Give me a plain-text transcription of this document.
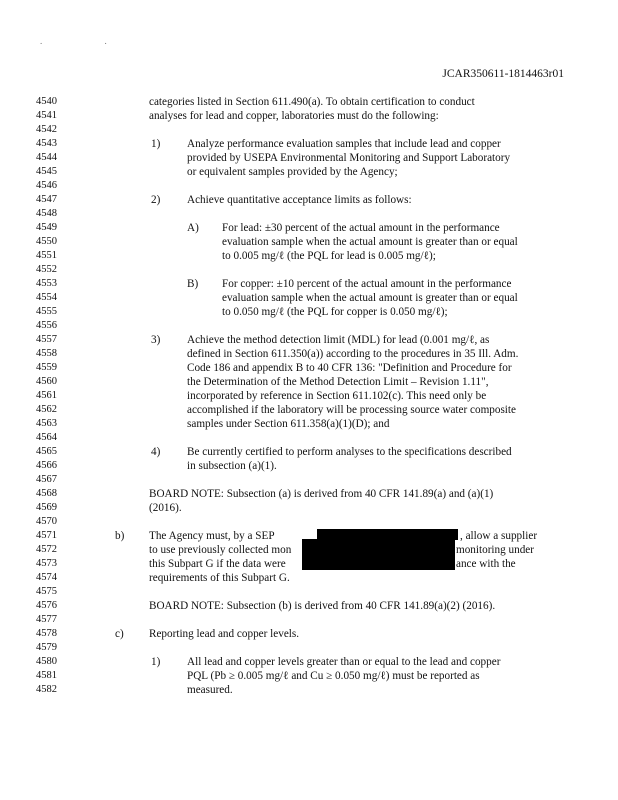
. .
JCAR350611-1814463r01
4540
4541
4542
4543
4544
4545
4546
4547
4548
4549
4550
4551
4552
4553
4554
4555
4556
4557
4558
4559
4560
4561
4562
4563
4564
4565
4566
4567
4568
4569
4570
4571
4572
4573
4574
4575
4576
4577
4578
4579
4580
4581
4582
categories listed in Section 611.490(a). To obtain certification to conduct
analyses for lead and copper, laboratories must do the following:
1) Analyze performance evaluation samples that include lead and copper
provided by USEPA Environmental Monitoring and Support Laboratory
or equivalent samples provided by the Agency;
2) Achieve quantitative acceptance limits as follows:
A) For lead: ±30 percent of the actual amount in the performance
evaluation sample when the actual amount is greater than or equal
to 0.005 mg/ℓ (the PQL for lead is 0.005 mg/ℓ);
B) For copper: ±10 percent of the actual amount in the performance
evaluation sample when the actual amount is greater than or equal
to 0.050 mg/ℓ (the PQL for copper is 0.050 mg/ℓ);
3) Achieve the method detection limit (MDL) for lead (0.001 mg/ℓ, as
defined in Section 611.350(a)) according to the procedures in 35 Ill. Adm.
Code 186 and appendix B to 40 CFR 136: "Definition and Procedure for
the Determination of the Method Detection Limit – Revision 1.11",
incorporated by reference in Section 611.102(c). This need only be
accomplished if the laboratory will be processing source water composite
samples under Section 611.358(a)(1)(D); and
4) Be currently certified to perform analyses to the specifications described
in subsection (a)(1).
BOARD NOTE: Subsection (a) is derived from 40 CFR 141.89(a) and (a)(1)
(2016).
b) The Agency must, by a SEP	, allow a supplier
to use previously collected mon	monitoring under
this Subpart G if the data were	ance with the
requirements of this Subpart G.
BOARD NOTE: Subsection (b) is derived from 40 CFR 141.89(a)(2) (2016).
c) Reporting lead and copper levels.
1) All lead and copper levels greater than or equal to the lead and copper
PQL (Pb ≥ 0.005 mg/ℓ and Cu ≥ 0.050 mg/ℓ) must be reported as
measured.
